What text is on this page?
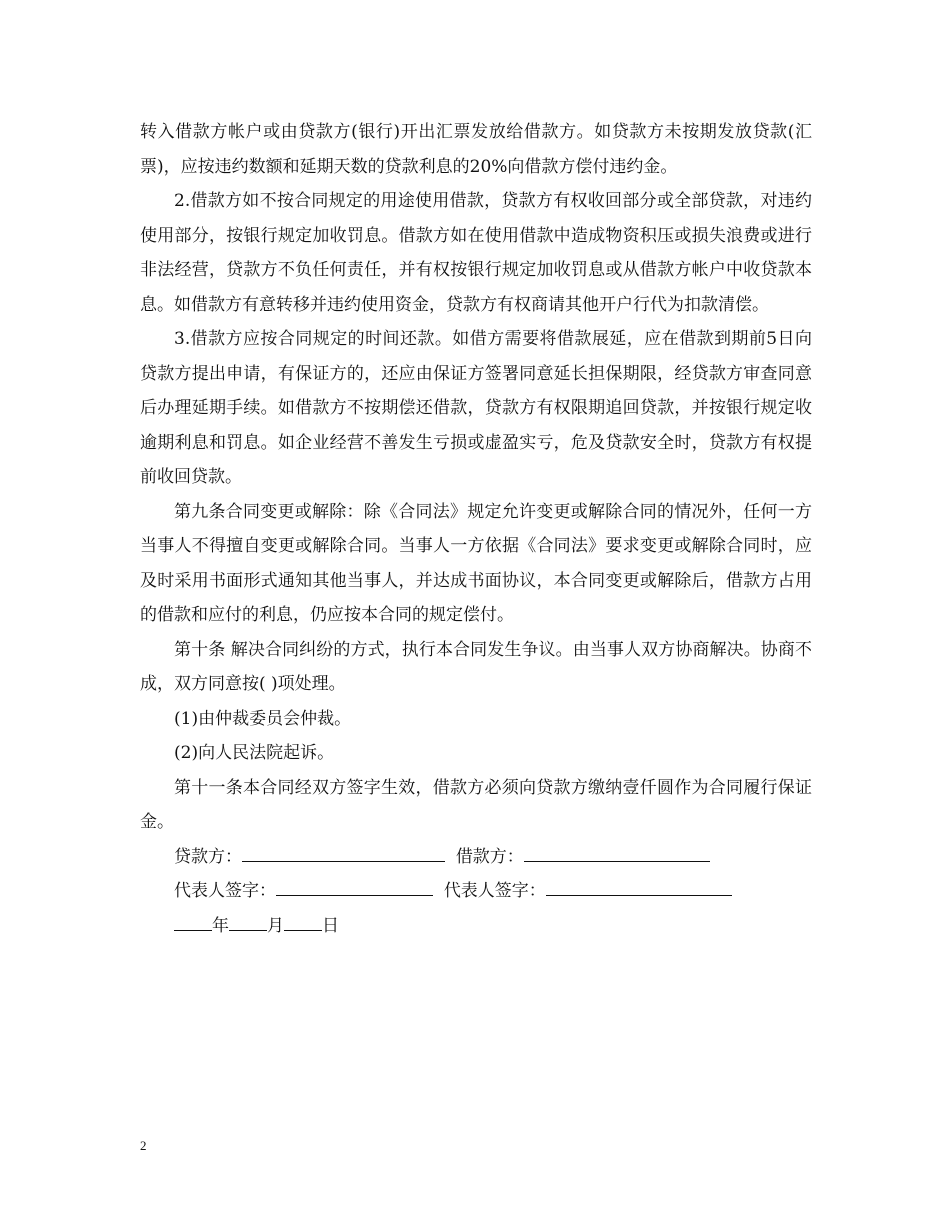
转入借款方帐户或由贷款方(银行)开出汇票发放给借款方。如贷款方未按期发放贷款(汇票)，应按违约数额和延期天数的贷款利息的20%向借款方偿付违约金。

2.借款方如不按合同规定的用途使用借款，贷款方有权收回部分或全部贷款，对违约使用部分，按银行规定加收罚息。借款方如在使用借款中造成物资积压或损失浪费或进行非法经营，贷款方不负任何责任，并有权按银行规定加收罚息或从借款方帐户中收贷款本息。如借款方有意转移并违约使用资金，贷款方有权商请其他开户行代为扣款清偿。

3.借款方应按合同规定的时间还款。如借方需要将借款展延，应在借款到期前5日向贷款方提出申请，有保证方的，还应由保证方签署同意延长担保期限，经贷款方审查同意后办理延期手续。如借款方不按期偿还借款，贷款方有权限期追回贷款，并按银行规定收逾期利息和罚息。如企业经营不善发生亏损或虚盈实亏，危及贷款安全时，贷款方有权提前收回贷款。

第九条合同变更或解除：除《合同法》规定允许变更或解除合同的情况外，任何一方当事人不得擅自变更或解除合同。当事人一方依据《合同法》要求变更或解除合同时，应及时采用书面形式通知其他当事人，并达成书面协议，本合同变更或解除后，借款方占用的借款和应付的利息，仍应按本合同的规定偿付。

第十条 解决合同纠纷的方式，执行本合同发生争议。由当事人双方协商解决。协商不成，双方同意按( )项处理。

(1)由仲裁委员会仲裁。

(2)向人民法院起诉。

第十一条本合同经双方签字生效，借款方必须向贷款方缴纳壹仟圆作为合同履行保证金。

贷款方：	借款方：

代表人签字：	代表人签字：

年 月 日

2
